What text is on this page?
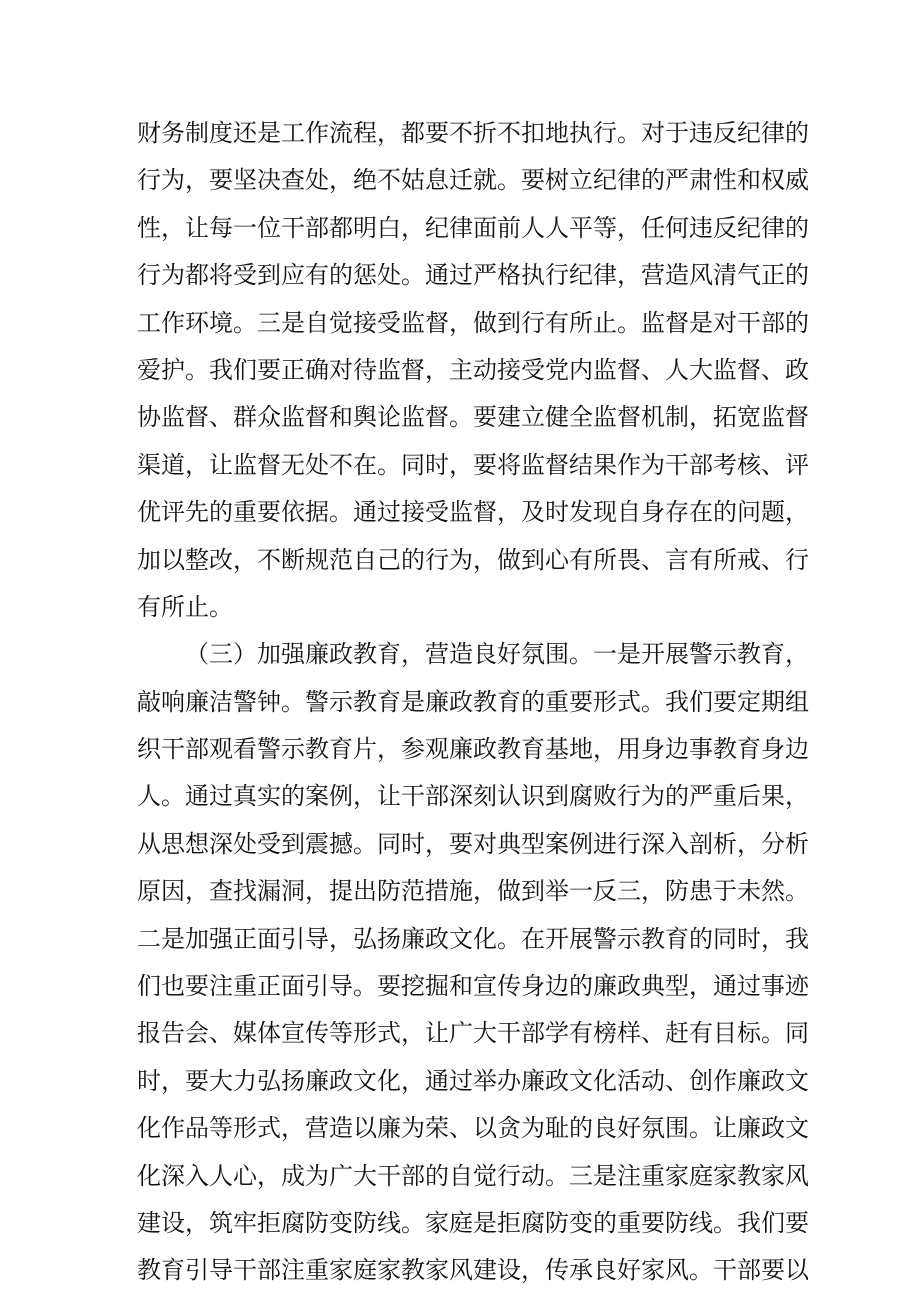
财务制度还是工作流程，都要不折不扣地执行。对于违反纪律的
行为，要坚决查处，绝不姑息迁就。要树立纪律的严肃性和权威
性，让每一位干部都明白，纪律面前人人平等，任何违反纪律的
行为都将受到应有的惩处。通过严格执行纪律，营造风清气正的
工作环境。三是自觉接受监督，做到行有所止。监督是对干部的
爱护。我们要正确对待监督，主动接受党内监督、人大监督、政
协监督、群众监督和舆论监督。要建立健全监督机制，拓宽监督
渠道，让监督无处不在。同时，要将监督结果作为干部考核、评
优评先的重要依据。通过接受监督，及时发现自身存在的问题，
加以整改，不断规范自己的行为，做到心有所畏、言有所戒、行
有所止。
（三）加强廉政教育，营造良好氛围。一是开展警示教育，
敲响廉洁警钟。警示教育是廉政教育的重要形式。我们要定期组
织干部观看警示教育片，参观廉政教育基地，用身边事教育身边
人。通过真实的案例，让干部深刻认识到腐败行为的严重后果，
从思想深处受到震撼。同时，要对典型案例进行深入剖析，分析
原因，查找漏洞，提出防范措施，做到举一反三，防患于未然。
二是加强正面引导，弘扬廉政文化。在开展警示教育的同时，我
们也要注重正面引导。要挖掘和宣传身边的廉政典型，通过事迹
报告会、媒体宣传等形式，让广大干部学有榜样、赶有目标。同
时，要大力弘扬廉政文化，通过举办廉政文化活动、创作廉政文
化作品等形式，营造以廉为荣、以贪为耻的良好氛围。让廉政文
化深入人心，成为广大干部的自觉行动。三是注重家庭家教家风
建设，筑牢拒腐防变防线。家庭是拒腐防变的重要防线。我们要
教育引导干部注重家庭家教家风建设，传承良好家风。干部要以
